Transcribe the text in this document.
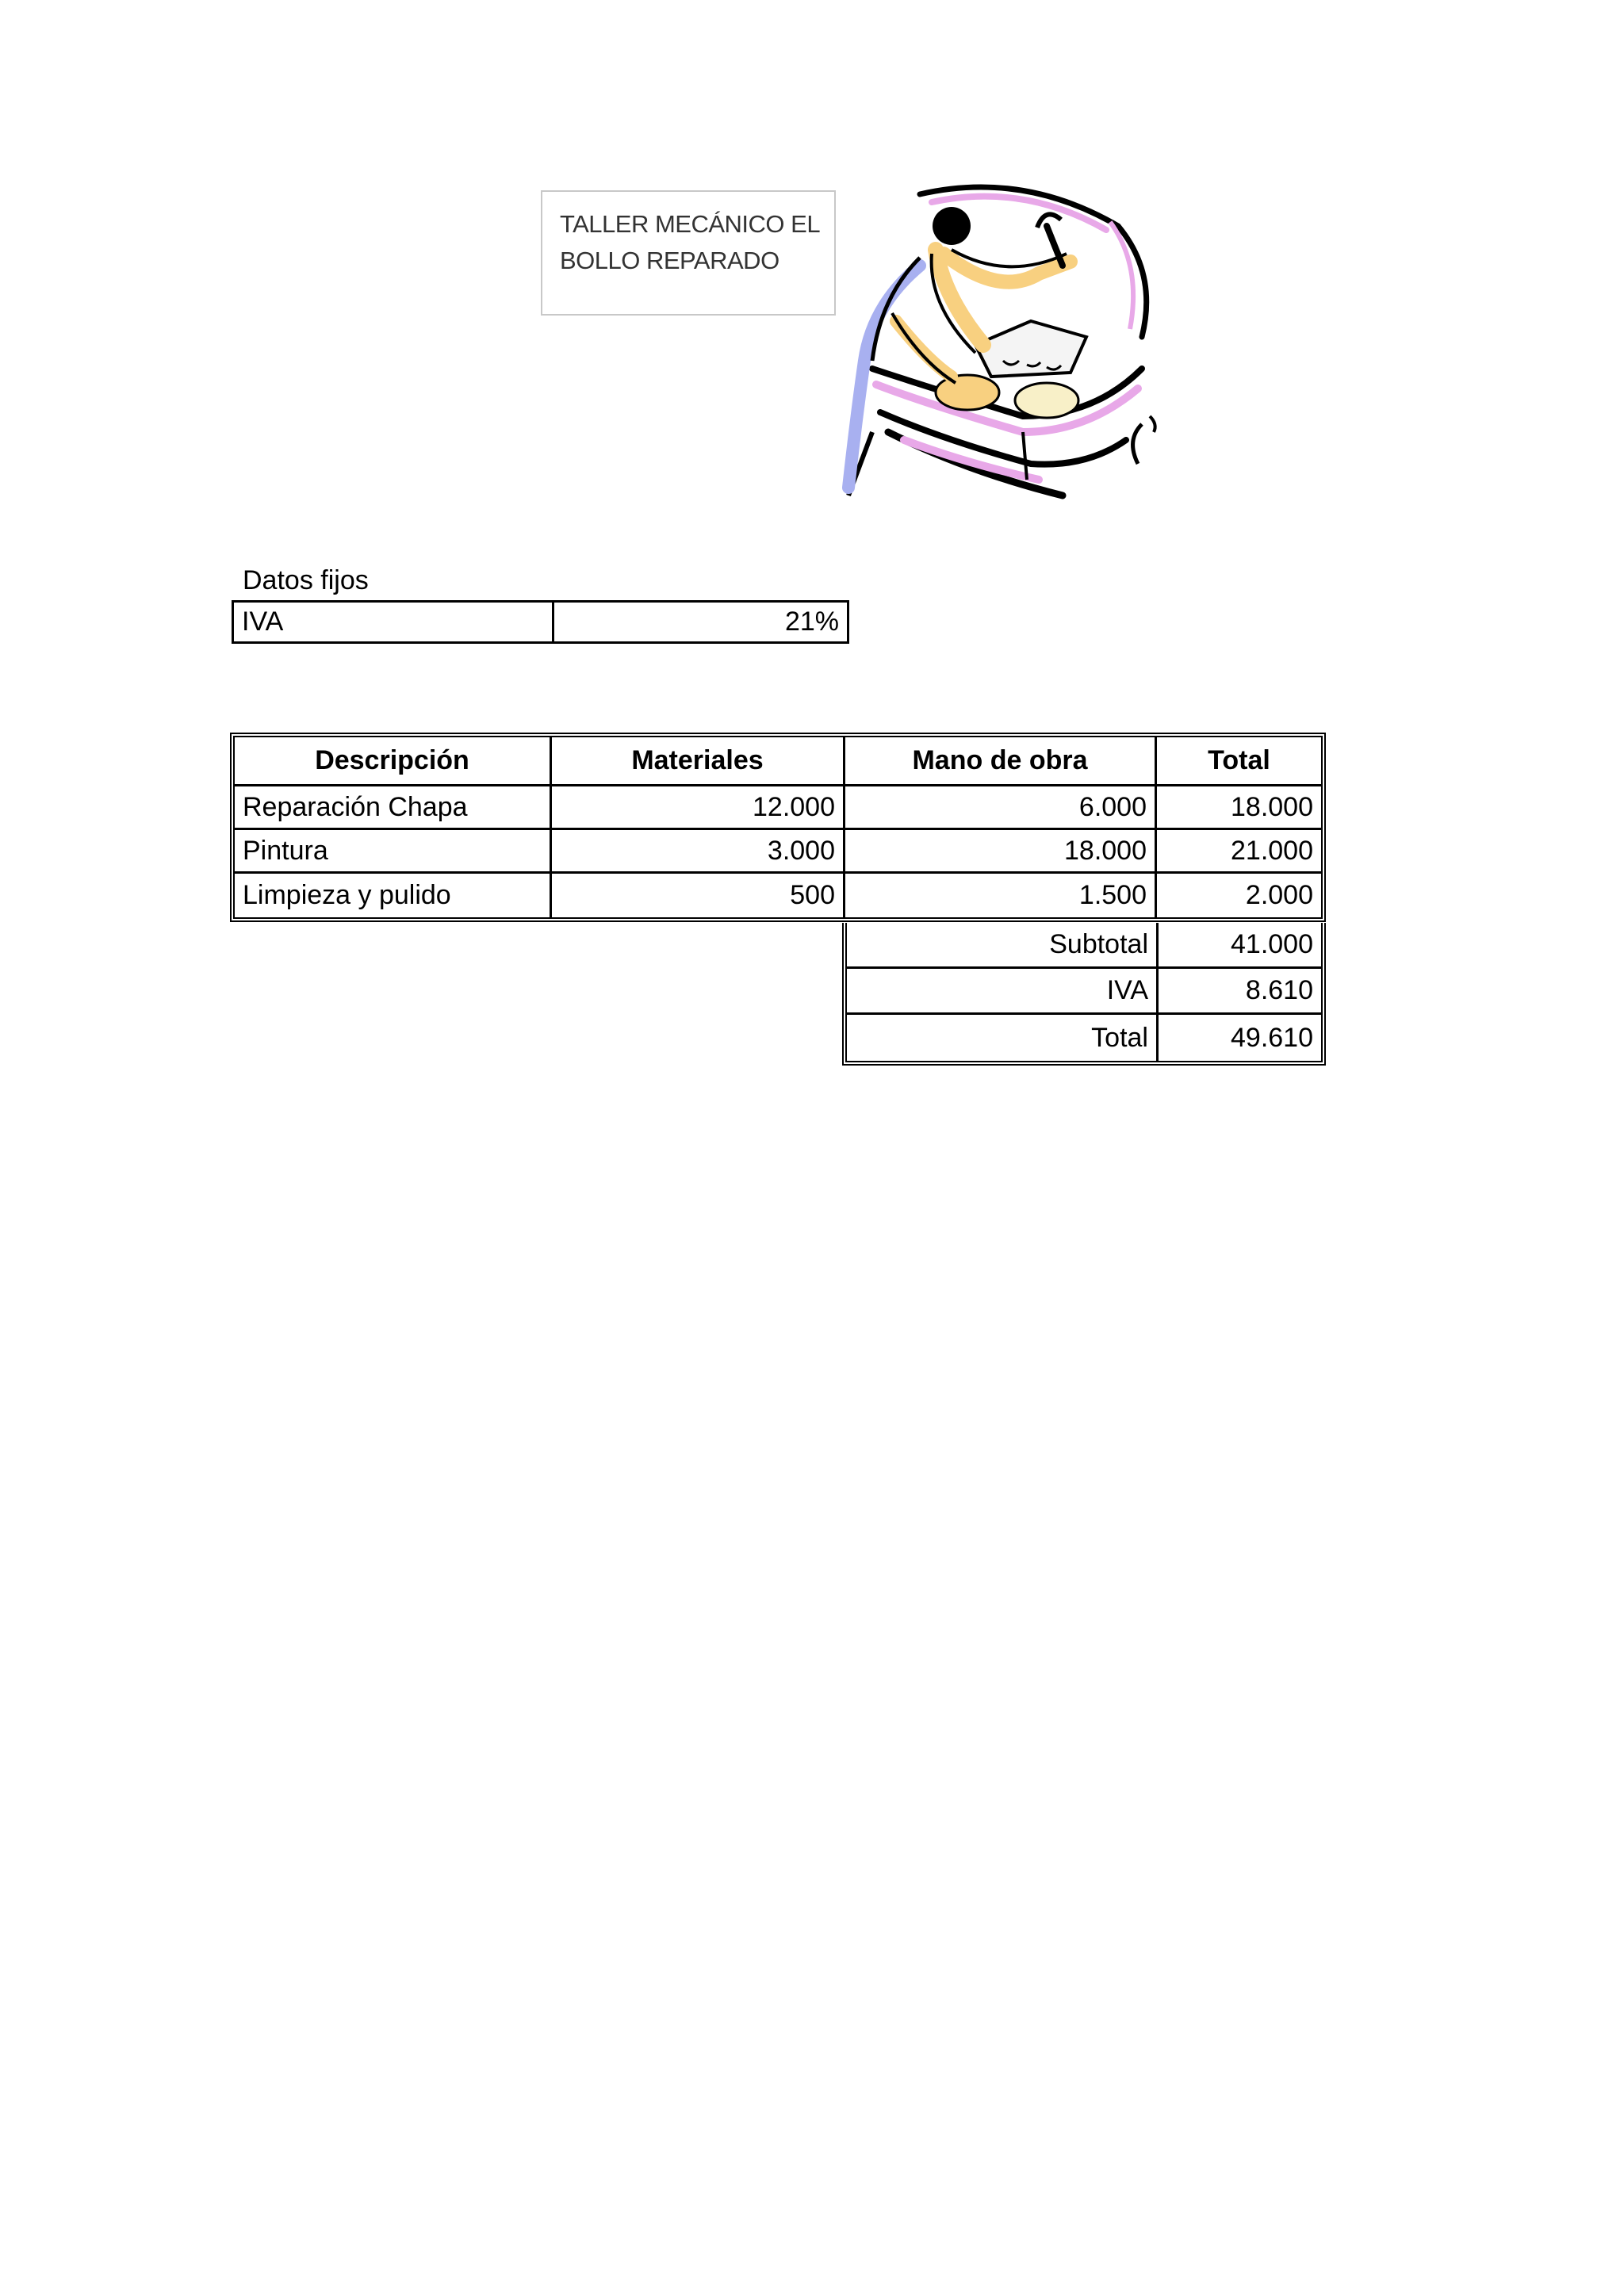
TALLER MECÁNICO EL
BOLLO REPARADO
Datos fijos
IVA	21%
Descripción	Materiales	Mano de obra	Total
Reparación Chapa	12.000	6.000	18.000
Pintura	3.000	18.000	21.000
Limpieza y pulido	500	1.500	2.000
Subtotal	41.000
IVA	8.610
Total	49.610
